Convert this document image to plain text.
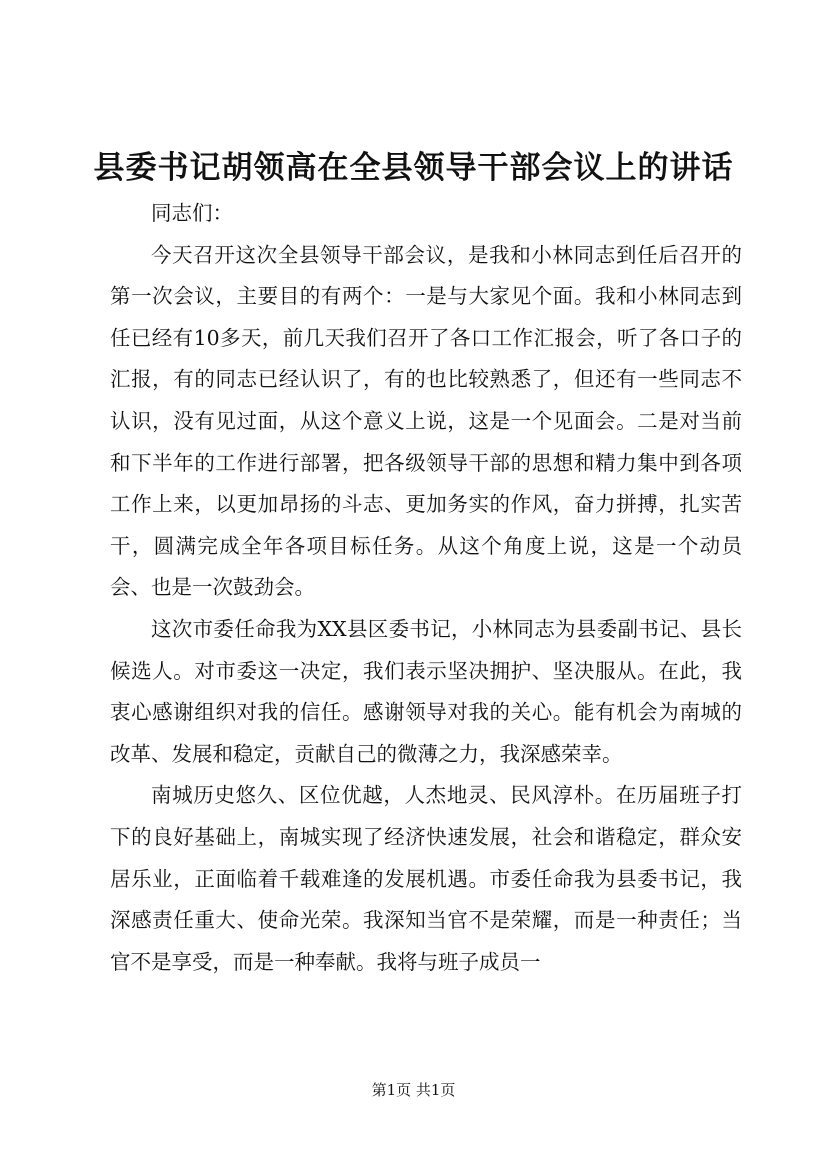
县委书记胡领高在全县领导干部会议上的讲话

同志们：

今天召开这次全县领导干部会议，是我和小林同志到任后召开的第一次会议，主要目的有两个：一是与大家见个面。我和小林同志到任已经有10多天，前几天我们召开了各口工作汇报会，听了各口子的汇报，有的同志已经认识了，有的也比较熟悉了，但还有一些同志不认识，没有见过面，从这个意义上说，这是一个见面会。二是对当前和下半年的工作进行部署，把各级领导干部的思想和精力集中到各项工作上来，以更加昂扬的斗志、更加务实的作风，奋力拼搏，扎实苦干，圆满完成全年各项目标任务。从这个角度上说，这是一个动员会、也是一次鼓劲会。

这次市委任命我为XX县区委书记，小林同志为县委副书记、县长候选人。对市委这一决定，我们表示坚决拥护、坚决服从。在此，我衷心感谢组织对我的信任。感谢领导对我的关心。能有机会为南城的改革、发展和稳定，贡献自己的微薄之力，我深感荣幸。

南城历史悠久、区位优越，人杰地灵、民风淳朴。在历届班子打下的良好基础上，南城实现了经济快速发展，社会和谐稳定，群众安居乐业，正面临着千载难逢的发展机遇。市委任命我为县委书记，我深感责任重大、使命光荣。我深知当官不是荣耀，而是一种责任；当官不是享受，而是一种奉献。我将与班子成员一

第1页 共1页
